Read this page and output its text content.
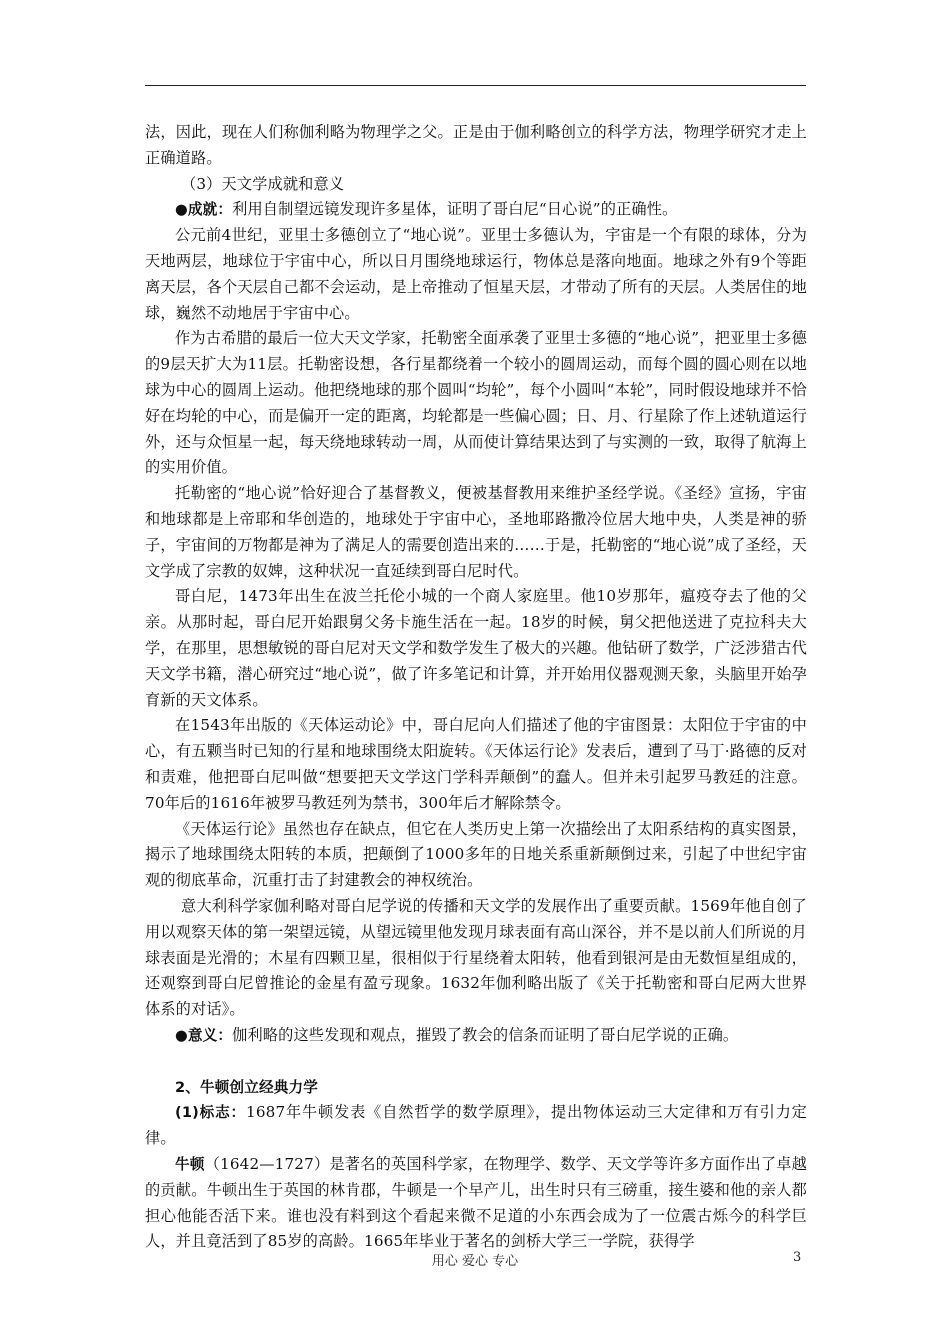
法，因此，现在人们称伽利略为物理学之父。正是由于伽利略创立的科学方法，物理学研究才走上正确道路。

（3）天文学成就和意义

●成就：利用自制望远镜发现许多星体，证明了哥白尼“日心说”的正确性。

公元前4世纪，亚里士多德创立了“地心说”。亚里士多德认为，宇宙是一个有限的球体，分为天地两层，地球位于宇宙中心，所以日月围绕地球运行，物体总是落向地面。地球之外有9个等距离天层，各个天层自己都不会运动，是上帝推动了恒星天层，才带动了所有的天层。人类居住的地球，巍然不动地居于宇宙中心。

作为古希腊的最后一位大天文学家，托勒密全面承袭了亚里士多德的“地心说”，把亚里士多德的9层天扩大为11层。托勒密设想，各行星都绕着一个较小的圆周运动，而每个圆的圆心则在以地球为中心的圆周上运动。他把绕地球的那个圆叫“均轮”，每个小圆叫“本轮”，同时假设地球并不恰好在均轮的中心，而是偏开一定的距离，均轮都是一些偏心圆；日、月、行星除了作上述轨道运行外，还与众恒星一起，每天绕地球转动一周，从而使计算结果达到了与实测的一致，取得了航海上的实用价值。

托勒密的“地心说”恰好迎合了基督教义，便被基督教用来维护圣经学说。《圣经》宣扬，宇宙和地球都是上帝耶和华创造的，地球处于宇宙中心，圣地耶路撒冷位居大地中央，人类是神的骄子，宇宙间的万物都是神为了满足人的需要创造出来的……于是，托勒密的“地心说”成了圣经，天文学成了宗教的奴婢，这种状况一直延续到哥白尼时代。

哥白尼，1473年出生在波兰托伦小城的一个商人家庭里。他10岁那年，瘟疫夺去了他的父亲。从那时起，哥白尼开始跟舅父务卡施生活在一起。18岁的时候，舅父把他送进了克拉科夫大学，在那里，思想敏锐的哥白尼对天文学和数学发生了极大的兴趣。他钻研了数学，广泛涉猎古代天文学书籍，潜心研究过“地心说”，做了许多笔记和计算，并开始用仪器观测天象，头脑里开始孕育新的天文体系。

在1543年出版的《天体运动论》中，哥白尼向人们描述了他的宇宙图景：太阳位于宇宙的中心，有五颗当时已知的行星和地球围绕太阳旋转。《天体运行论》发表后，遭到了马丁·路德的反对和责难，他把哥白尼叫做“想要把天文学这门学科弄颠倒”的蠢人。但并未引起罗马教廷的注意。70年后的1616年被罗马教廷列为禁书，300年后才解除禁令。

《天体运行论》虽然也存在缺点，但它在人类历史上第一次描绘出了太阳系结构的真实图景，揭示了地球围绕太阳转的本质，把颠倒了1000多年的日地关系重新颠倒过来，引起了中世纪宇宙观的彻底革命，沉重打击了封建教会的神权统治。

意大利科学家伽利略对哥白尼学说的传播和天文学的发展作出了重要贡献。1569年他自创了用以观察天体的第一架望远镜，从望远镜里他发现月球表面有高山深谷，并不是以前人们所说的月球表面是光滑的；木星有四颗卫星，很相似于行星绕着太阳转，他看到银河是由无数恒星组成的，还观察到哥白尼曾推论的金星有盈亏现象。1632年伽利略出版了《关于托勒密和哥白尼两大世界体系的对话》。

●意义：伽利略的这些发现和观点，摧毁了教会的信条而证明了哥白尼学说的正确。

2、牛顿创立经典力学

(1)标志：1687年牛顿发表《自然哲学的数学原理》，提出物体运动三大定律和万有引力定律。

牛顿（1642—1727）是著名的英国科学家，在物理学、数学、天文学等许多方面作出了卓越的贡献。牛顿出生于英国的林肯郡，牛顿是一个早产儿，出生时只有三磅重，接生婆和他的亲人都担心他能否活下来。谁也没有料到这个看起来微不足道的小东西会成为了一位震古烁今的科学巨人，并且竟活到了85岁的高龄。1665年毕业于著名的剑桥大学三一学院，获得学

用心 爱心 专心	3
